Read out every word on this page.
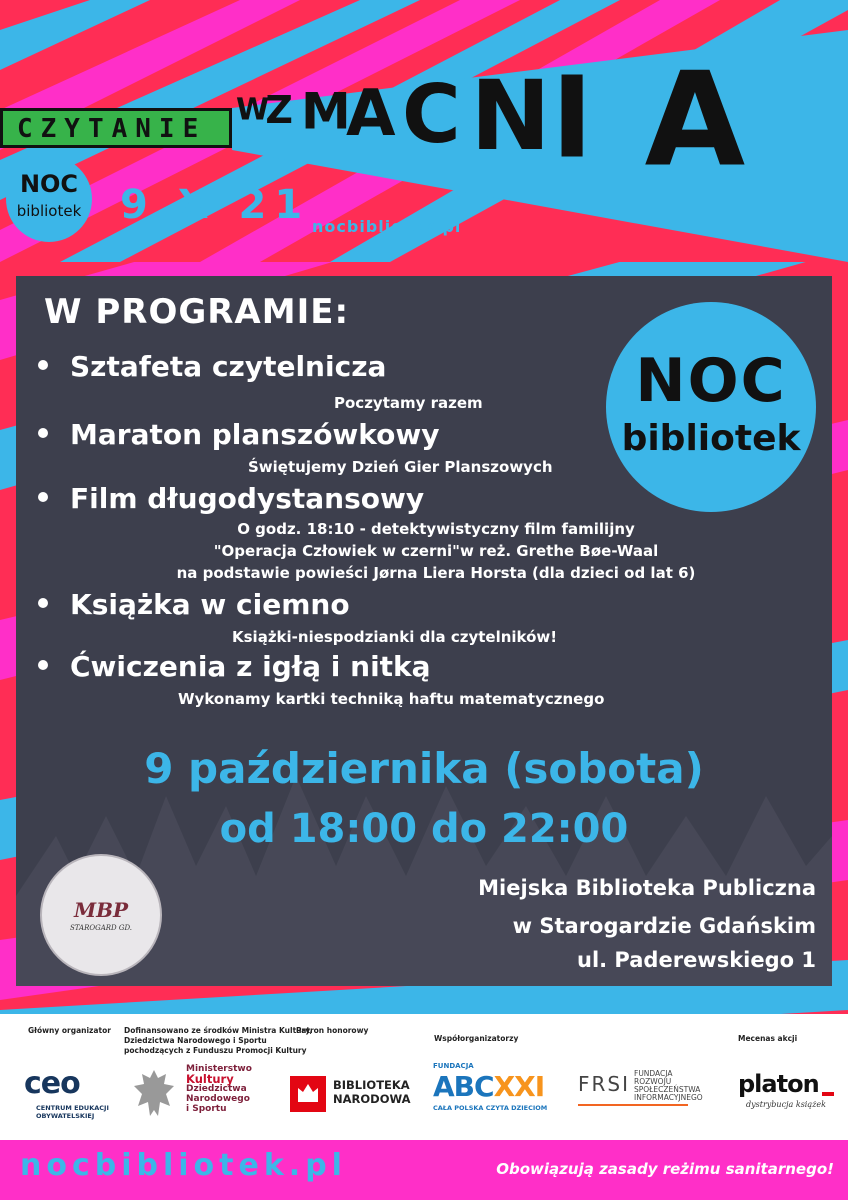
CZYTANIE
WZ MAC NI A
NOC
bibliotek 9 X 21 nocbibliotek.pl
W PROGRAMIE:
Sztafeta czytelnicza
Poczytamy razem
Maraton planszówkowy
Świętujemy Dzień Gier Planszowych
Film długodystansowy
O godz. 18:10 - detektywistyczny film familijny
"Operacja Człowiek w czerni"w reż. Grethe Bøe-Waal
na podstawie powieści Jørna Liera Horsta (dla dzieci od lat 6)
Książka w ciemno
Książki-niespodzianki dla czytelników!
Ćwiczenia z igłą i nitką
Wykonamy kartki techniką haftu matematycznego
NOC
bibliotek
9 października (sobota)
od 18:00 do 22:00
MBP
STAROGARD GD.
Miejska Biblioteka Publiczna
w Starogardzie Gdańskim
ul. Paderewskiego 1
Główny organizator Dofinansowano ze środków Ministra Kultury,
Dziedzictwa Narodowego i Sportu
pochodzących z Funduszu Promocji Kultury
Patron honorowy
Współorganizatorzy	Mecenas akcji
ceo
CENTRUM EDUKACJI
OBYWATELSKIEJ
Ministerstwo
Kultury
Dziedzictwa
Narodowego
i Sportu
BIBLIOTEKA
NARODOWA
FUNDACJA
ABCXXI
CAŁA POLSKA CZYTA DZIECIOM
FRSI FUNDACJA
ROZWOJU
SPOŁECZEŃSTWA
INFORMACYJNEGO platon
dystrybucja książek
nocbibliotek.pl	Obowiązują zasady reżimu sanitarnego!
